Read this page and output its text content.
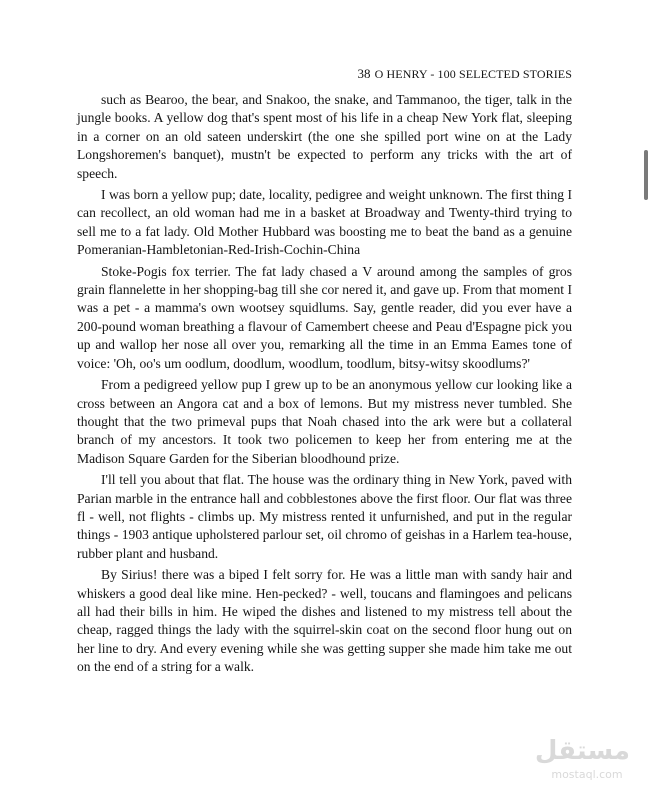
38 O HENRY - 100 SELECTED STORIES

such as Bearoo, the bear, and Snakoo, the snake, and Tammanoo, the tiger, talk in the jungle books. A yellow dog that's spent most of his life in a cheap New York flat, sleeping in a corner on an old sateen underskirt (the one she spilled port wine on at the Lady Longshoremen's banquet), mustn't be expected to perform any tricks with the art of speech.

I was born a yellow pup; date, locality, pedigree and weight unknown. The first thing I can recollect, an old woman had me in a basket at Broadway and Twenty-third trying to sell me to a fat lady. Old Mother Hubbard was boosting me to beat the band as a genuine Pomeranian-Hambletonian-Red-Irish-Cochin-China

Stoke-Pogis fox terrier. The fat lady chased a V around among the samples of gros grain flannelette in her shopping-bag till she cor nered it, and gave up. From that moment I was a pet - a mamma's own wootsey squidlums. Say, gentle reader, did you ever have a 200-pound woman breathing a flavour of Camembert cheese and Peau d'Espagne pick you up and wallop her nose all over you, remarking all the time in an Emma Eames tone of voice: 'Oh, oo's um oodlum, doodlum, woodlum, toodlum, bitsy-witsy skoodlums?'

From a pedigreed yellow pup I grew up to be an anonymous yellow cur looking like a cross between an Angora cat and a box of lemons. But my mistress never tumbled. She thought that the two primeval pups that Noah chased into the ark were but a collateral branch of my ancestors. It took two policemen to keep her from entering me at the Madison Square Garden for the Siberian bloodhound prize.

I'll tell you about that flat. The house was the ordinary thing in New York, paved with Parian marble in the entrance hall and cobblestones above the first floor. Our flat was three fl - well, not flights - climbs up. My mistress rented it unfurnished, and put in the regular things - 1903 antique upholstered parlour set, oil chromo of geishas in a Harlem tea-house, rubber plant and husband.

By Sirius! there was a biped I felt sorry for. He was a little man with sandy hair and whiskers a good deal like mine. Hen-pecked? - well, toucans and flamingoes and pelicans all had their bills in him. He wiped the dishes and listened to my mistress tell about the cheap, ragged things the lady with the squirrel-skin coat on the second floor hung out on her line to dry. And every evening while she was getting supper she made him take me out on the end of a string for a walk.

مستقل
mostaql.com
